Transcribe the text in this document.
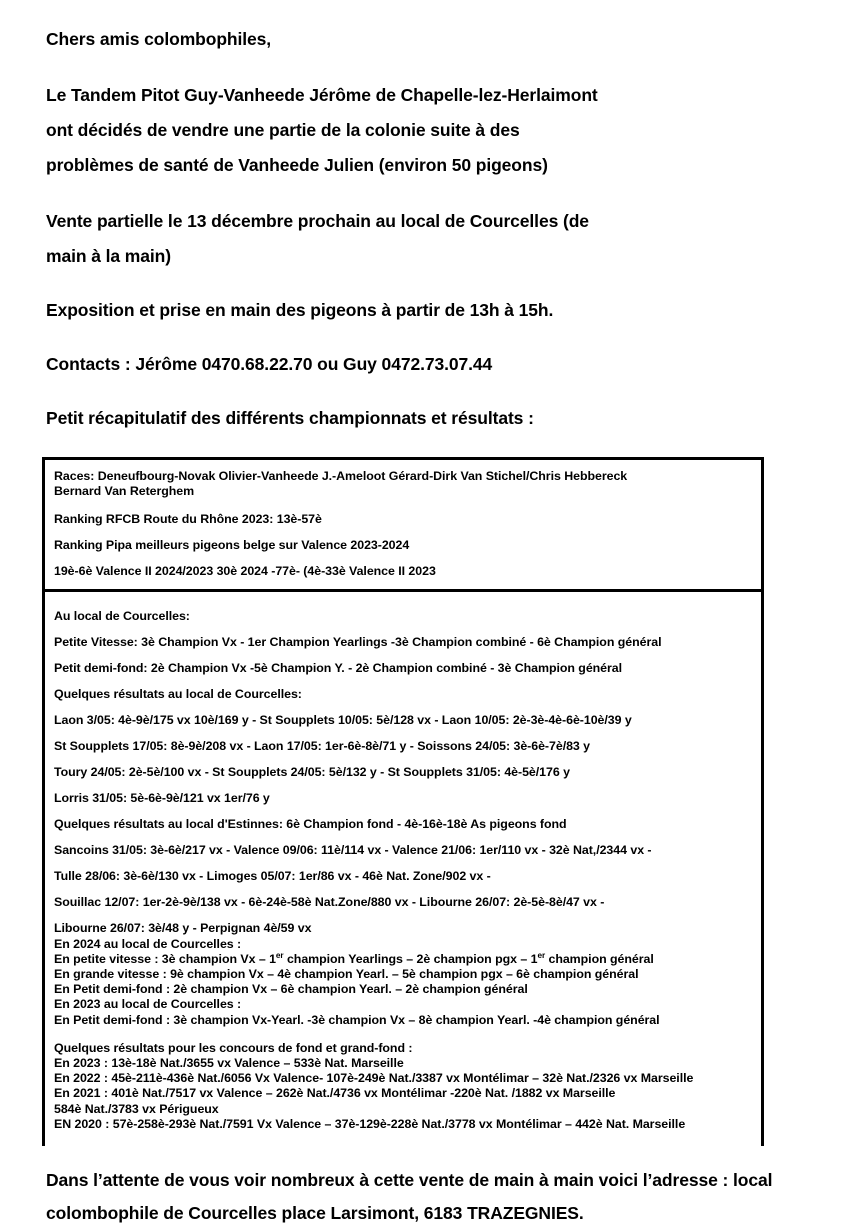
Chers amis colombophiles,

Le Tandem Pitot Guy-Vanheede Jérôme de Chapelle-lez-Herlaimont

ont décidés de vendre une partie de la colonie suite à des

problèmes de santé de Vanheede Julien (environ 50 pigeons)

Vente partielle le 13 décembre prochain au local de Courcelles (de

main à la main)

Exposition et prise en main des pigeons à partir de 13h à 15h.

Contacts : Jérôme 0470.68.22.70 ou Guy 0472.73.07.44

Petit récapitulatif des différents championnats et résultats :

Races: Deneufbourg-Novak Olivier-Vanheede J.-Ameloot Gérard-Dirk Van Stichel/Chris Hebbereck
Bernard Van Reterghem
Ranking RFCB Route du Rhône 2023: 13è-57è
Ranking Pipa meilleurs pigeons belge sur Valence 2023-2024
19è-6è Valence II 2024/2023 30è 2024 -77è- (4è-33è Valence II 2023
Au local de Courcelles:
Petite Vitesse: 3è Champion Vx - 1er Champion Yearlings -3è Champion combiné - 6è Champion général
Petit demi-fond: 2è Champion Vx -5è Champion Y. - 2è Champion combiné - 3è Champion général
Quelques résultats au local de Courcelles:
Laon 3/05: 4è-9è/175 vx 10è/169 y - St Soupplets 10/05: 5è/128 vx - Laon 10/05: 2è-3è-4è-6è-10è/39 y
St Soupplets 17/05: 8è-9è/208 vx - Laon 17/05: 1er-6è-8è/71 y - Soissons 24/05: 3è-6è-7è/83 y
Toury 24/05: 2è-5è/100 vx - St Soupplets 24/05: 5è/132 y - St Soupplets 31/05: 4è-5è/176 y
Lorris 31/05: 5è-6è-9è/121 vx 1er/76 y
Quelques résultats au local d'Estinnes: 6è Champion fond - 4è-16è-18è As pigeons fond
Sancoins 31/05: 3è-6è/217 vx - Valence 09/06: 11è/114 vx - Valence 21/06: 1er/110 vx - 32è Nat,/2344 vx -
Tulle 28/06: 3è-6è/130 vx - Limoges 05/07: 1er/86 vx - 46è Nat. Zone/902 vx -
Souillac 12/07: 1er-2è-9è/138 vx - 6è-24è-58è Nat.Zone/880 vx - Libourne 26/07: 2è-5è-8è/47 vx -
Libourne 26/07: 3è/48 y - Perpignan 4è/59 vx
En 2024 au local de Courcelles :
En petite vitesse : 3è champion Vx – 1er champion Yearlings – 2è champion pgx – 1er champion général
En grande vitesse : 9è champion Vx – 4è champion Yearl. – 5è champion pgx – 6è champion général
En Petit demi-fond : 2è champion Vx – 6è champion Yearl. – 2è champion général
En 2023 au local de Courcelles :
En Petit demi-fond : 3è champion Vx-Yearl. -3è champion Vx – 8è champion Yearl. -4è champion général
Quelques résultats pour les concours de fond et grand-fond :
En 2023 : 13è-18è Nat./3655 vx Valence – 533è Nat. Marseille
En 2022 : 45è-211è-436è Nat./6056 Vx Valence- 107è-249è Nat./3387 vx Montélimar – 32è Nat./2326 vx Marseille
En 2021 : 401è Nat./7517 vx Valence – 262è Nat./4736 vx Montélimar -220è Nat. /1882 vx Marseille
584è Nat./3783 vx Périgueux
EN 2020 : 57è-258è-293è Nat./7591 Vx Valence – 37è-129è-228è Nat./3778 vx Montélimar – 442è Nat. Marseille

Dans l’attente de vous voir nombreux à cette vente de main à main voici l’adresse : local

colombophile de Courcelles place Larsimont, 6183 TRAZEGNIES.
